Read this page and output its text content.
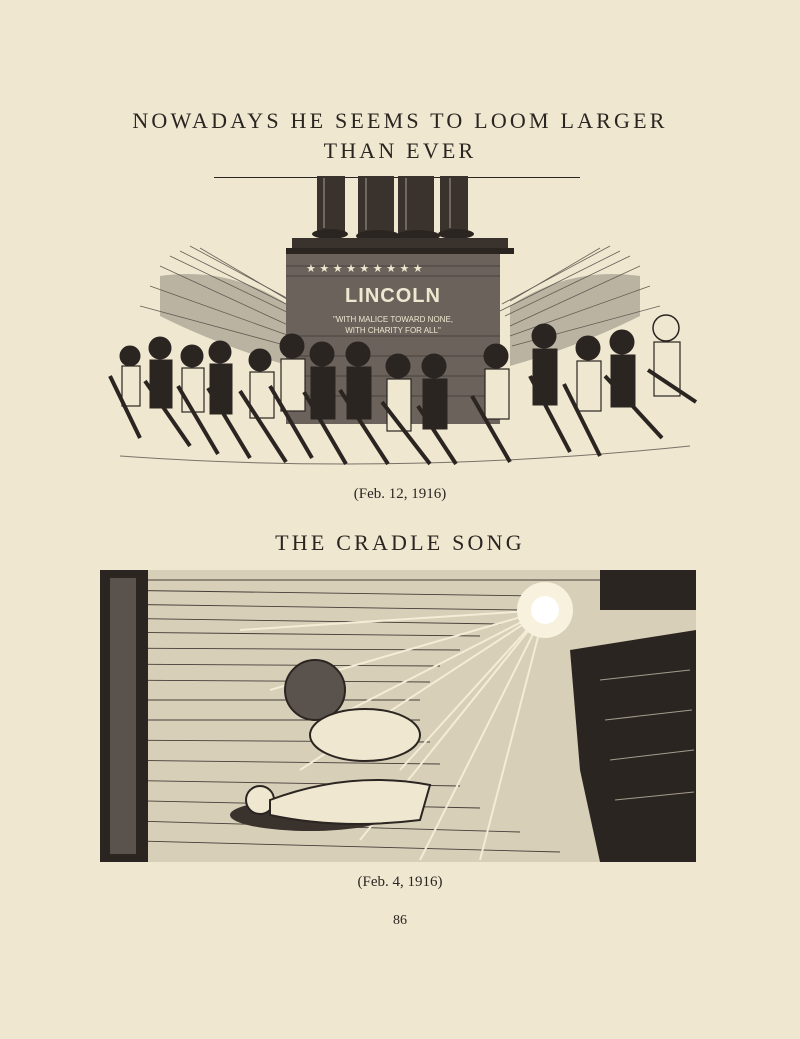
NOWADAYS HE SEEMS TO LOOM LARGER
THAN EVER
★ ★ ★ ★ ★ ★ ★ ★ ★
LINCOLN
"WITH MALICE TOWARD NONE,
WITH CHARITY FOR ALL"
(Feb. 12, 1916)
THE CRADLE SONG
(Feb. 4, 1916)
86
